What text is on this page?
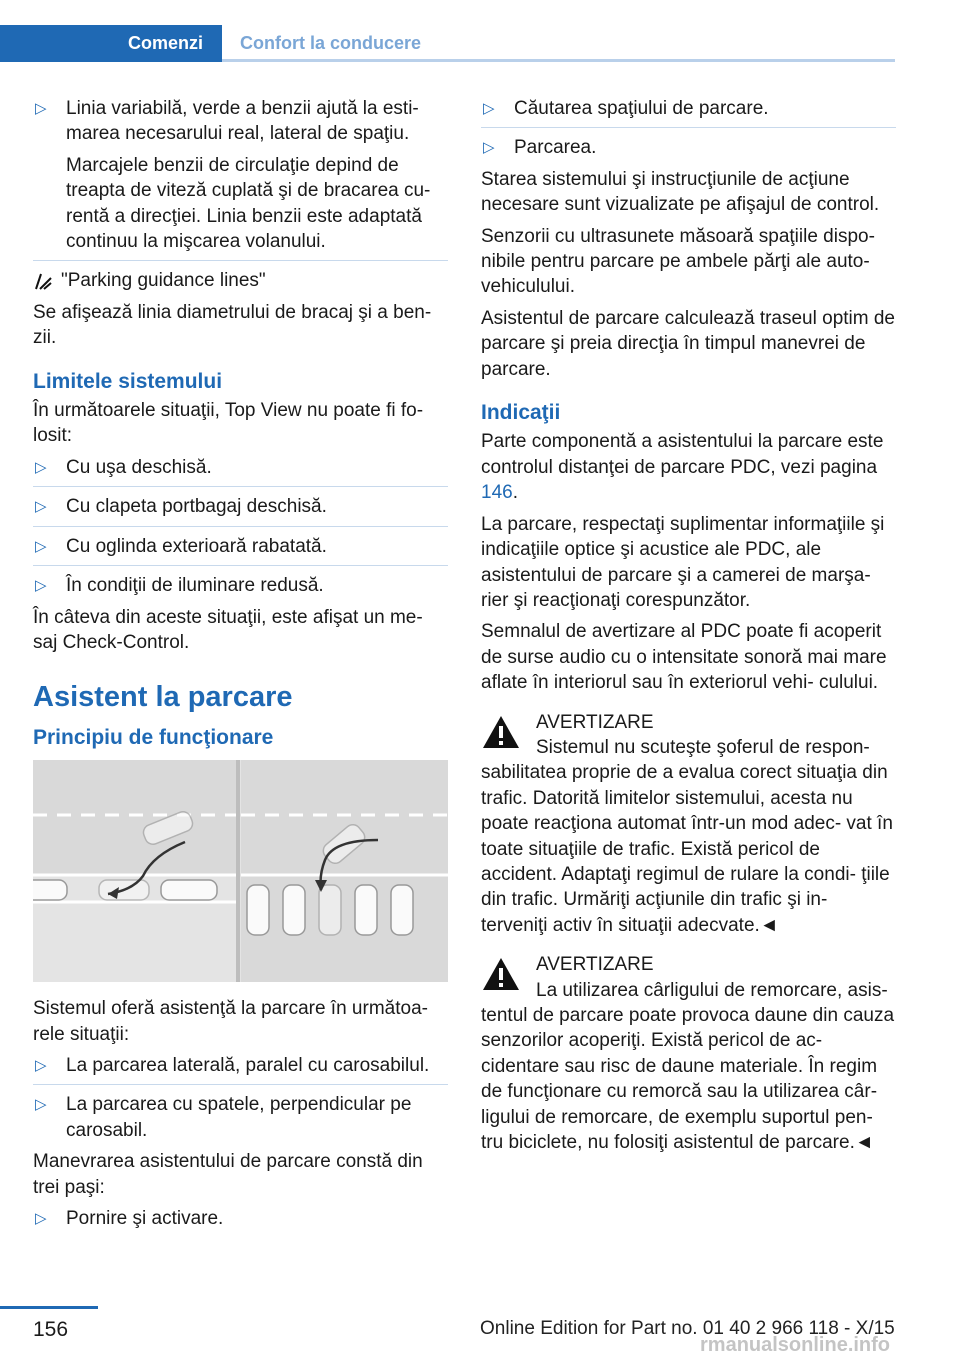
Comenzi Confort la conducere
▷ Linia variabilă, verde a benzii ajută la esti‐ marea necesarului real, lateral de spaţiu.
Marcajele benzii de circulaţie depind de treapta de viteză cuplată şi de bracarea cu‐ rentă a direcţiei. Linia benzii este adaptată continuu la mişcarea volanului.
"Parking guidance lines"

Se afişează linia diametrului de bracaj şi a ben‐ zii.

Limitele sistemului

În următoarele situaţii, Top View nu poate fi fo‐ losit:

▷ Cu uşa deschisă.
▷ Cu clapeta portbagaj deschisă.
▷ Cu oglinda exterioară rabatată.
▷ În condiţii de iluminare redusă.

În câteva din aceste situaţii, este afişat un me‐ saj Check-Control.

Asistent la parcare
Principiu de funcţionare

Sistemul oferă asistenţă la parcare în următoa‐ rele situaţii:

▷ La parcarea laterală, paralel cu carosabilul.
▷ La parcarea cu spatele, perpendicular pe carosabil.

Manevrarea asistentului de parcare constă din trei paşi:

▷ Pornire şi activare.
▷ Căutarea spaţiului de parcare.
▷ Parcarea.

Starea sistemului şi instrucţiunile de acţiune necesare sunt vizualizate pe afişajul de control.

Senzorii cu ultrasunete măsoară spaţiile dispo‐ nibile pentru parcare pe ambele părţi ale auto‐ vehiculului.

Asistentul de parcare calculează traseul optim de parcare şi preia direcţia în timpul manevrei de parcare.

Indicaţii

Parte componentă a asistentului la parcare este controlul distanţei de parcare PDC, vezi pagina 146.

La parcare, respectaţi suplimentar informaţiile şi indicaţiile optice şi acustice ale PDC, ale asistentului de parcare şi a camerei de marşa‐ rier şi reacţionaţi corespunzător.

Semnalul de avertizare al PDC poate fi acoperit de surse audio cu o intensitate sonoră mai mare aflate în interiorul sau în exteriorul vehi‐ culului.

AVERTIZARE
Sistemul nu scuteşte şoferul de respon‐
sabilitatea proprie de a evalua corect situaţia din trafic. Datorită limitelor sistemului, acesta nu poate reacţiona automat într-un mod adec‐ vat în toate situaţiile de trafic. Există pericol de accident. Adaptaţi regimul de rulare la condi‐ ţiile din trafic. Urmăriţi acţiunile din trafic şi in‐ terveniţi activ în situaţii adecvate.◄
AVERTIZARE
La utilizarea cârligului de remorcare, asis‐
tentul de parcare poate provoca daune din cauza senzorilor acoperiţi. Există pericol de ac‐ cidentare sau risc de daune materiale. În regim de funcţionare cu remorcă sau la utilizarea câr‐ ligului de remorcare, de exemplu suportul pen‐ tru biciclete, nu folosiţi asistentul de parcare.◄
156	Online Edition for Part no. 01 40 2 966 118 - X/15
rmanualsonline.info
